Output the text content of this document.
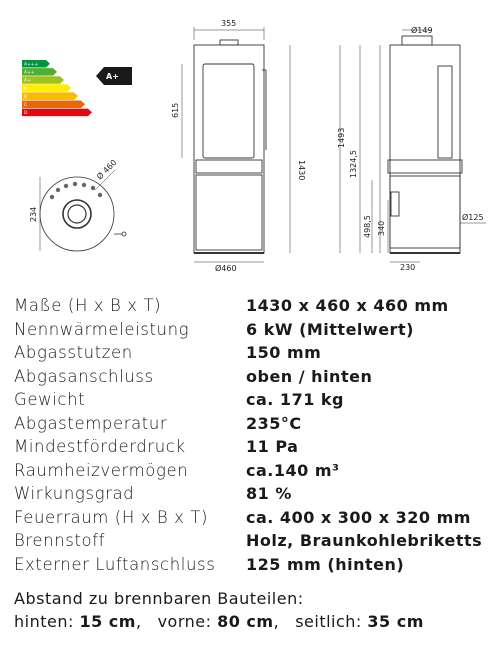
A+++
A++
A+
A
B
C
D
A+
234
Ø 460
355
615
1430
Ø460
Ø149
1493
1324,5
498,5 340
Ø125
230
Maße (H x B x T)	1430 x 460 x 460 mm
Nennwärmeleistung	6 kW (Mittelwert)
Abgasstutzen	150 mm
Abgasanschluss	oben / hinten
Gewicht	ca. 171 kg
Abgastemperatur	235°C
Mindestförderdruck	11 Pa
Raumheizvermögen	ca.140 m³
Wirkungsgrad	81 %
Feuerraum (H x B x T)	ca. 400 x 300 x 320 mm
Brennstoff	Holz, Braunkohlebriketts
Externer Luftanschluss	125 mm (hinten)
Abstand zu brennbaren Bauteilen:
hinten:
15 cm , vorne:
80 cm , seitlich:
35 cm
